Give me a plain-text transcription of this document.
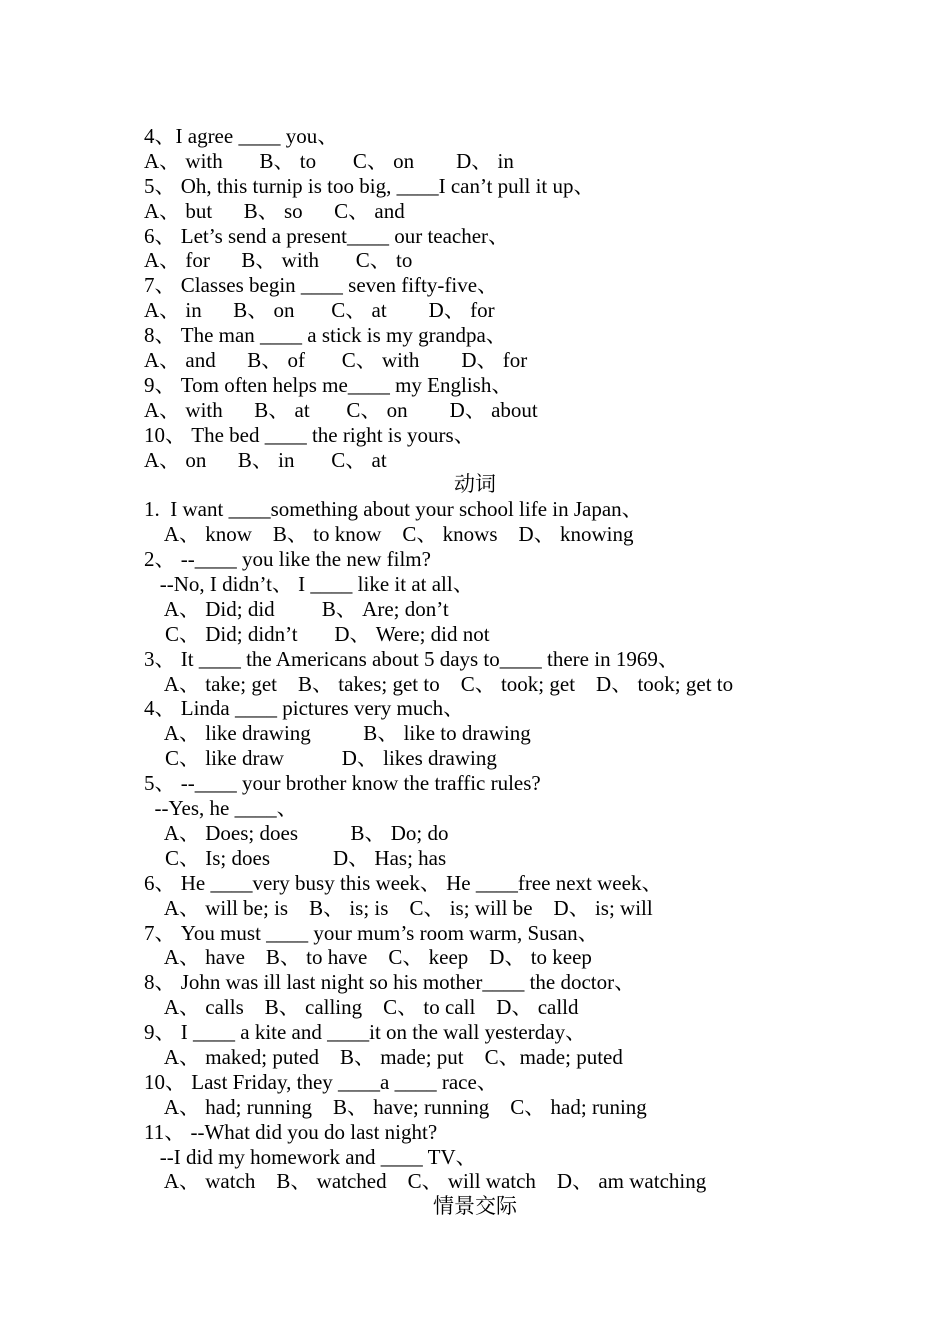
4、I agree ____ you、
A、 with       B、 to       C、 on        D、 in
5、 Oh, this turnip is too big, ____I can’t pull it up、
A、 but      B、 so      C、 and
6、 Let’s send a present____ our teacher、
A、 for      B、 with       C、 to
7、 Classes begin ____ seven fifty-five、
A、 in      B、 on       C、 at        D、 for
8、 The man ____ a stick is my grandpa、
A、 and      B、 of       C、 with        D、 for
9、 Tom often helps me____ my English、
A、 with      B、 at       C、 on        D、 about
10、 The bed ____ the right is yours、
A、 on      B、 in       C、 at
动词
1.  I want ____something about your school life in Japan、
A、 know    B、 to know    C、 knows    D、 knowing
2、 --____ you like the new film?
--No, I didn’t、 I ____ like it at all、
A、 Did; did         B、 Are; don’t
C、 Did; didn’t       D、 Were; did not
3、 It ____ the Americans about 5 days to____ there in 1969、
A、 take; get    B、 takes; get to    C、 took; get    D、 took; get to
4、 Linda ____ pictures very much、
A、 like drawing          B、 like to drawing
C、 like draw           D、 likes drawing
5、 --____ your brother know the traffic rules?
--Yes, he ____、
A、 Does; does          B、 Do; do
C、 Is; does            D、 Has; has
6、 He ____very busy this week、 He ____free next week、
A、 will be; is    B、 is; is    C、 is; will be    D、 is; will
7、 You must ____ your mum’s room warm, Susan、
A、 have    B、 to have    C、 keep    D、 to keep
8、 John was ill last night so his mother____ the doctor、
A、 calls    B、 calling    C、 to call    D、 calld
9、 I ____ a kite and ____it on the wall yesterday、
A、 maked; puted    B、 made; put    C、made; puted
10、 Last Friday, they ____a ____ race、
A、 had; running    B、 have; running    C、 had; runing
11、 --What did you do last night?
--I did my homework and ____ TV、
A、 watch    B、 watched    C、 will watch    D、 am watching
情景交际
